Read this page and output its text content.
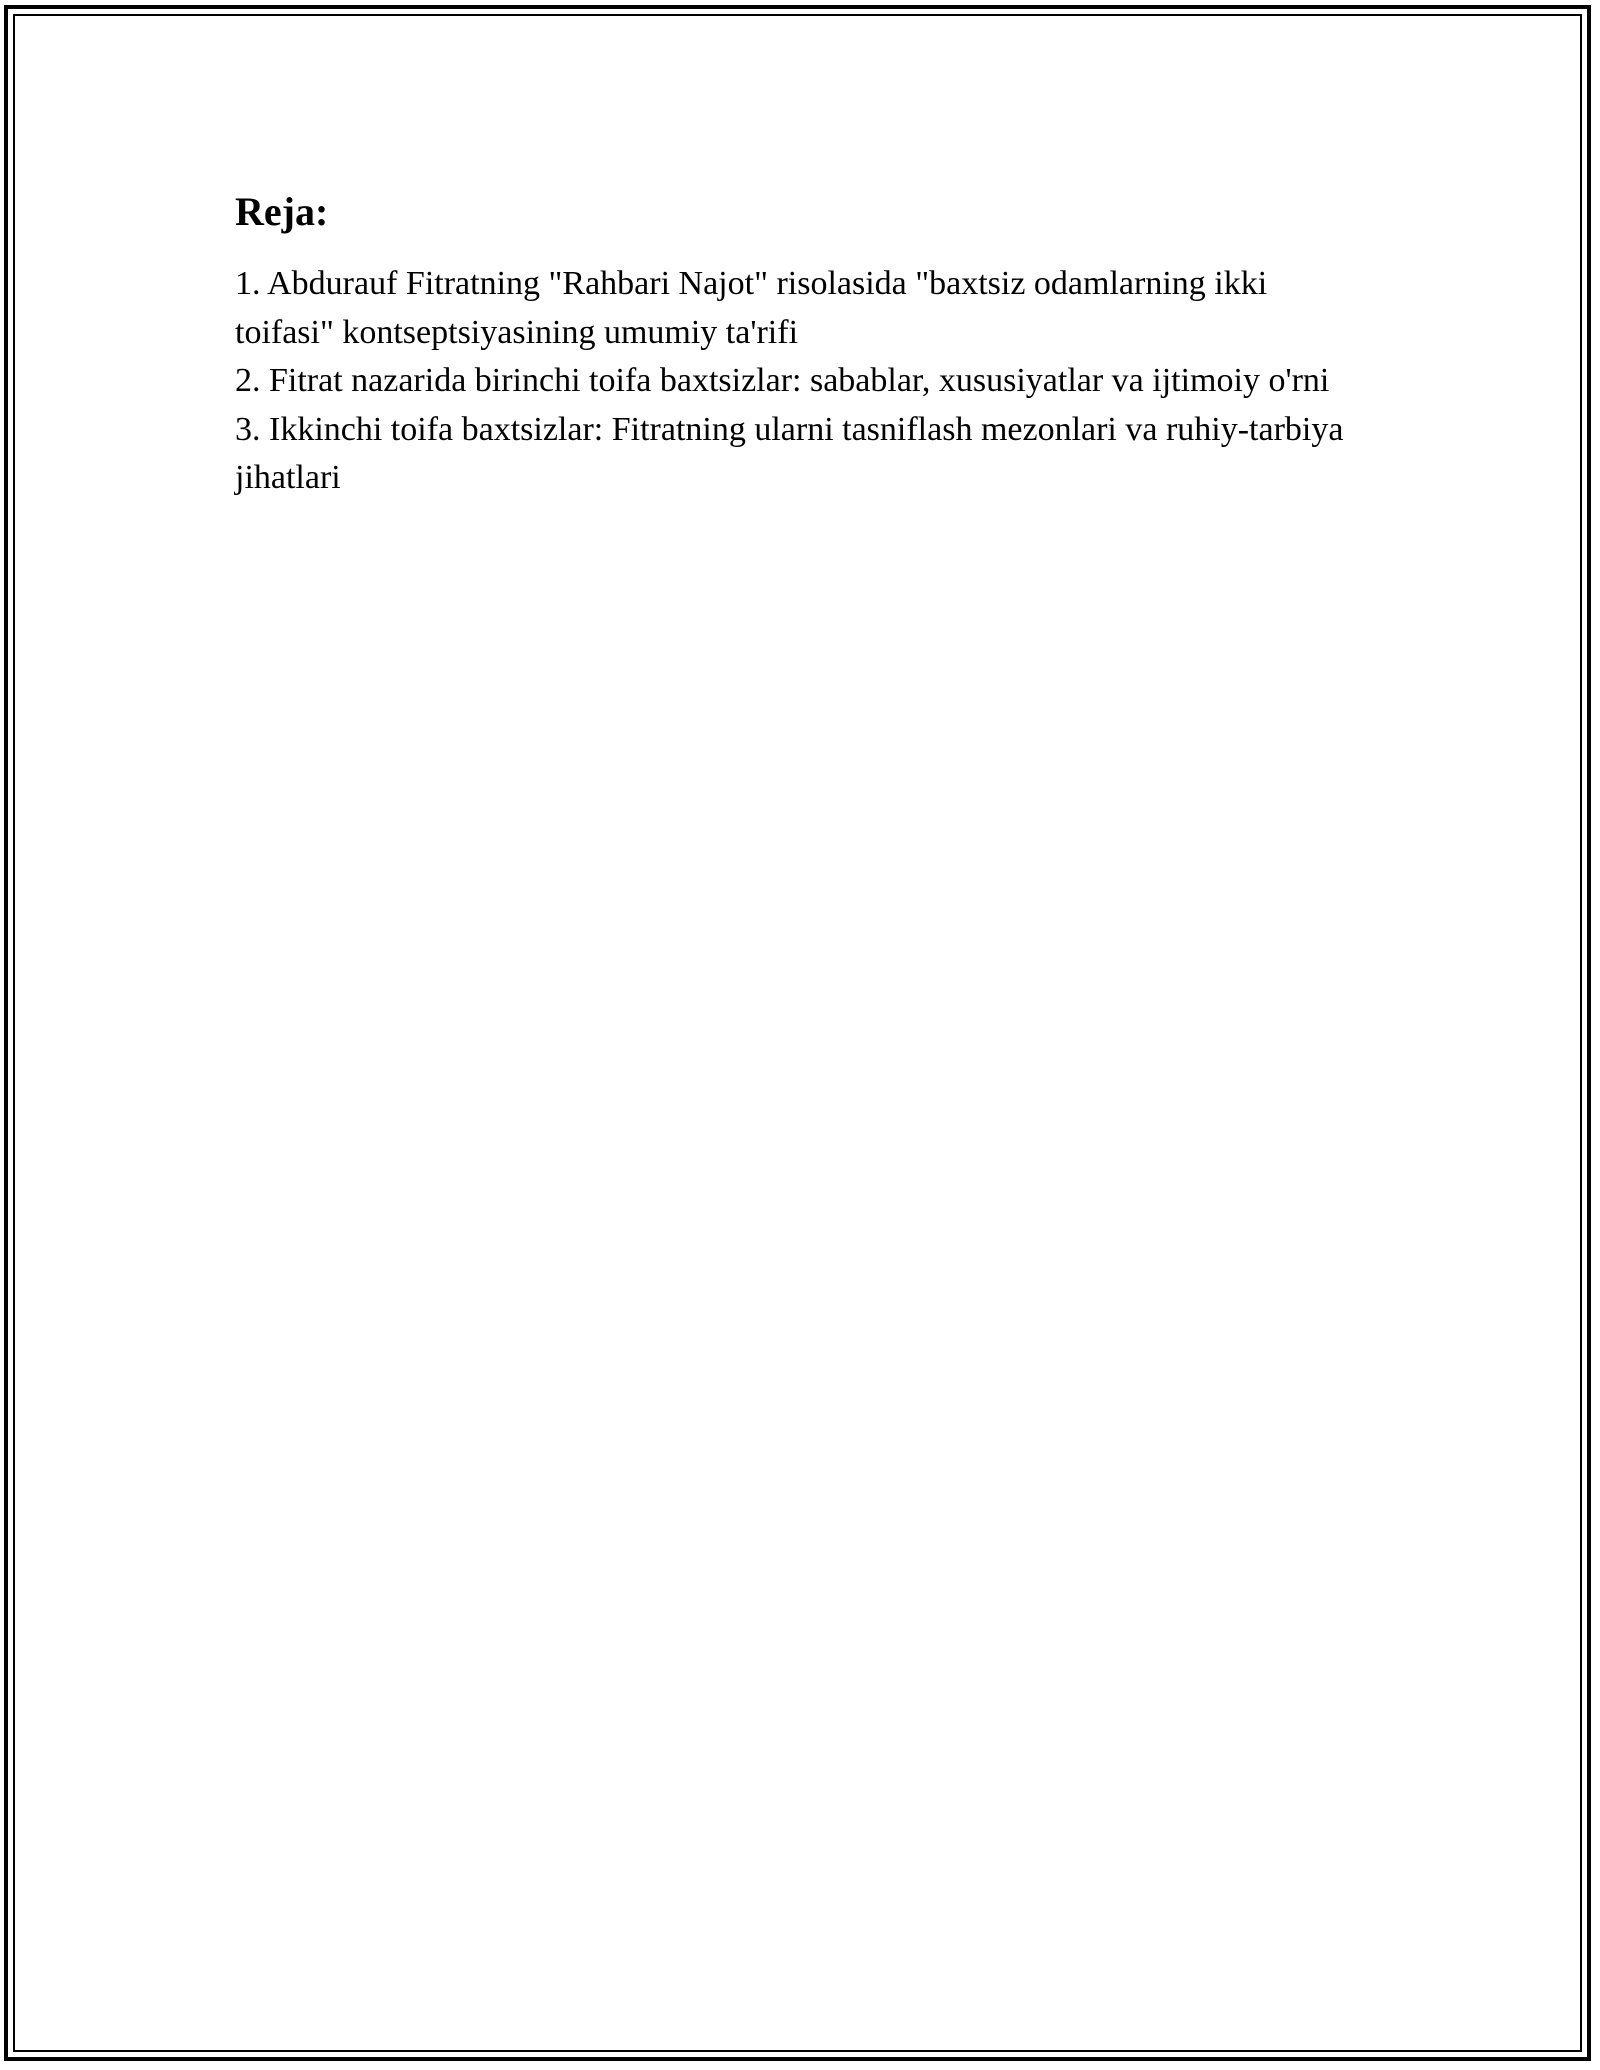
Reja:
1. Abdurauf Fitratning "Rahbari Najot" risolasida "baxtsiz odamlarning ikki toifasi" kontseptsiyasining umumiy ta'rifi
2. Fitrat nazarida birinchi toifa baxtsizlar: sabablar, xususiyatlar va ijtimoiy o'rni
3. Ikkinchi toifa baxtsizlar: Fitratning ularni tasniflash mezonlari va ruhiy-tarbiya jihatlari
